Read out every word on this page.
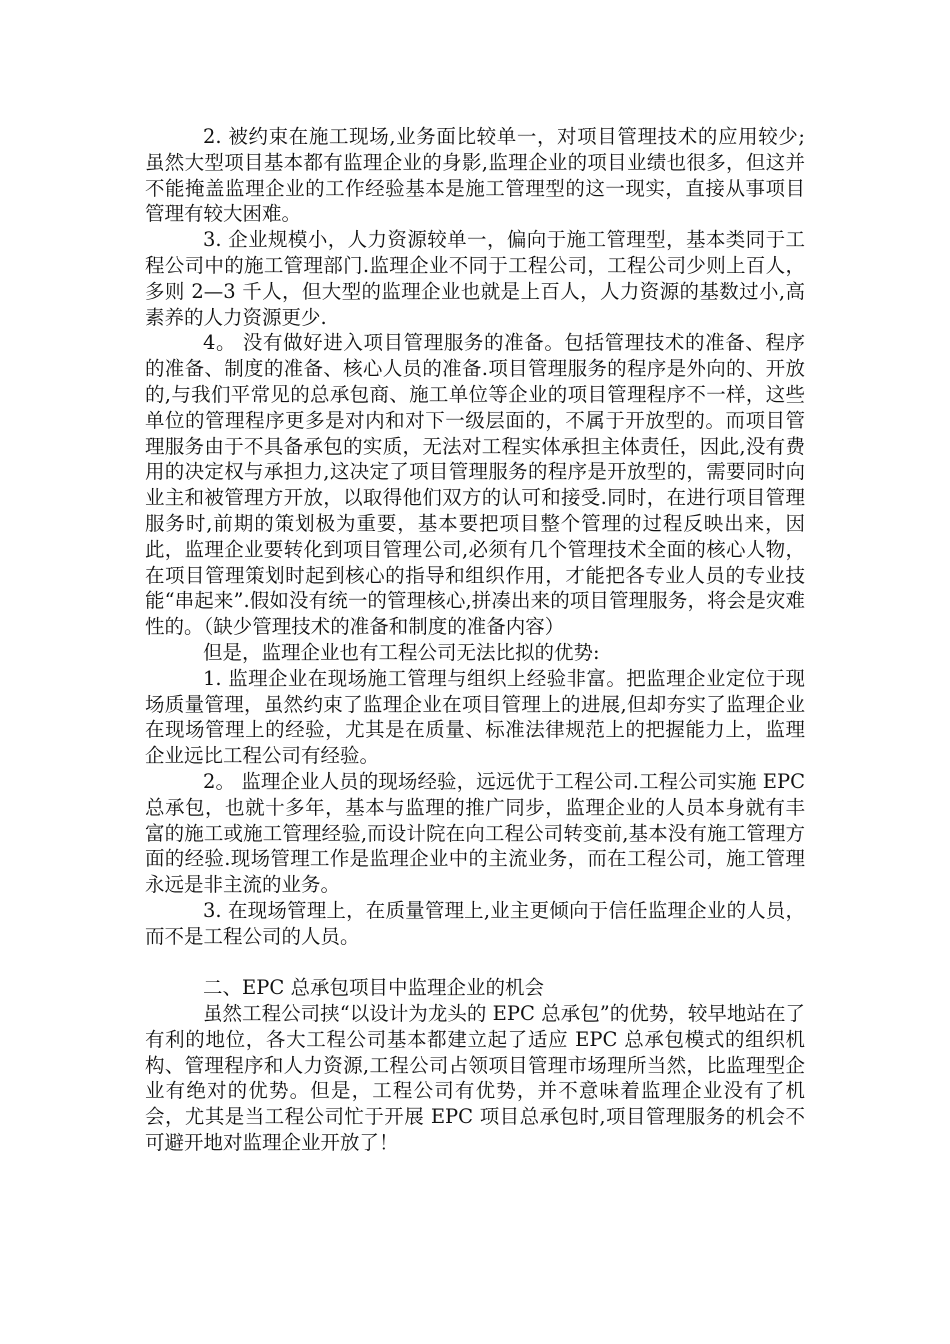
2. 被约束在施工现场,业务面比较单一，对项目管理技术的应用较少;虽然大型项目基本都有监理企业的身影,监理企业的项目业绩也很多，但这并不能掩盖监理企业的工作经验基本是施工管理型的这一现实，直接从事项目管理有较大困难。

3. 企业规模小，人力资源较单一，偏向于施工管理型，基本类同于工程公司中的施工管理部门.监理企业不同于工程公司，工程公司少则上百人，多则 2—3 千人，但大型的监理企业也就是上百人，人力资源的基数过小,高素养的人力资源更少.

4。 没有做好进入项目管理服务的准备。包括管理技术的准备、程序的准备、制度的准备、核心人员的准备.项目管理服务的程序是外向的、开放的,与我们平常见的总承包商、施工单位等企业的项目管理程序不一样，这些单位的管理程序更多是对内和对下一级层面的，不属于开放型的。而项目管理服务由于不具备承包的实质，无法对工程实体承担主体责任，因此,没有费用的决定权与承担力,这决定了项目管理服务的程序是开放型的，需要同时向业主和被管理方开放，以取得他们双方的认可和接受.同时，在进行项目管理服务时,前期的策划极为重要，基本要把项目整个管理的过程反映出来，因此，监理企业要转化到项目管理公司,必须有几个管理技术全面的核心人物，在项目管理策划时起到核心的指导和组织作用，才能把各专业人员的专业技能“串起来”.假如没有统一的管理核心,拼凑出来的项目管理服务，将会是灾难性的。（缺少管理技术的准备和制度的准备内容）

但是，监理企业也有工程公司无法比拟的优势:

1. 监理企业在现场施工管理与组织上经验非富。把监理企业定位于现场质量管理，虽然约束了监理企业在项目管理上的进展,但却夯实了监理企业在现场管理上的经验，尤其是在质量、标准法律规范上的把握能力上，监理企业远比工程公司有经验。

2。 监理企业人员的现场经验，远远优于工程公司.工程公司实施 EPC 总承包，也就十多年，基本与监理的推广同步，监理企业的人员本身就有丰富的施工或施工管理经验,而设计院在向工程公司转变前,基本没有施工管理方面的经验.现场管理工作是监理企业中的主流业务，而在工程公司，施工管理永远是非主流的业务。

3. 在现场管理上，在质量管理上,业主更倾向于信任监理企业的人员，而不是工程公司的人员。

二、EPC 总承包项目中监理企业的机会

虽然工程公司挟“以设计为龙头的 EPC 总承包”的优势，较早地站在了有利的地位，各大工程公司基本都建立起了适应 EPC 总承包模式的组织机构、管理程序和人力资源,工程公司占领项目管理市场理所当然，比监理型企业有绝对的优势。但是，工程公司有优势，并不意味着监理企业没有了机会，尤其是当工程公司忙于开展 EPC 项目总承包时,项目管理服务的机会不可避开地对监理企业开放了！
